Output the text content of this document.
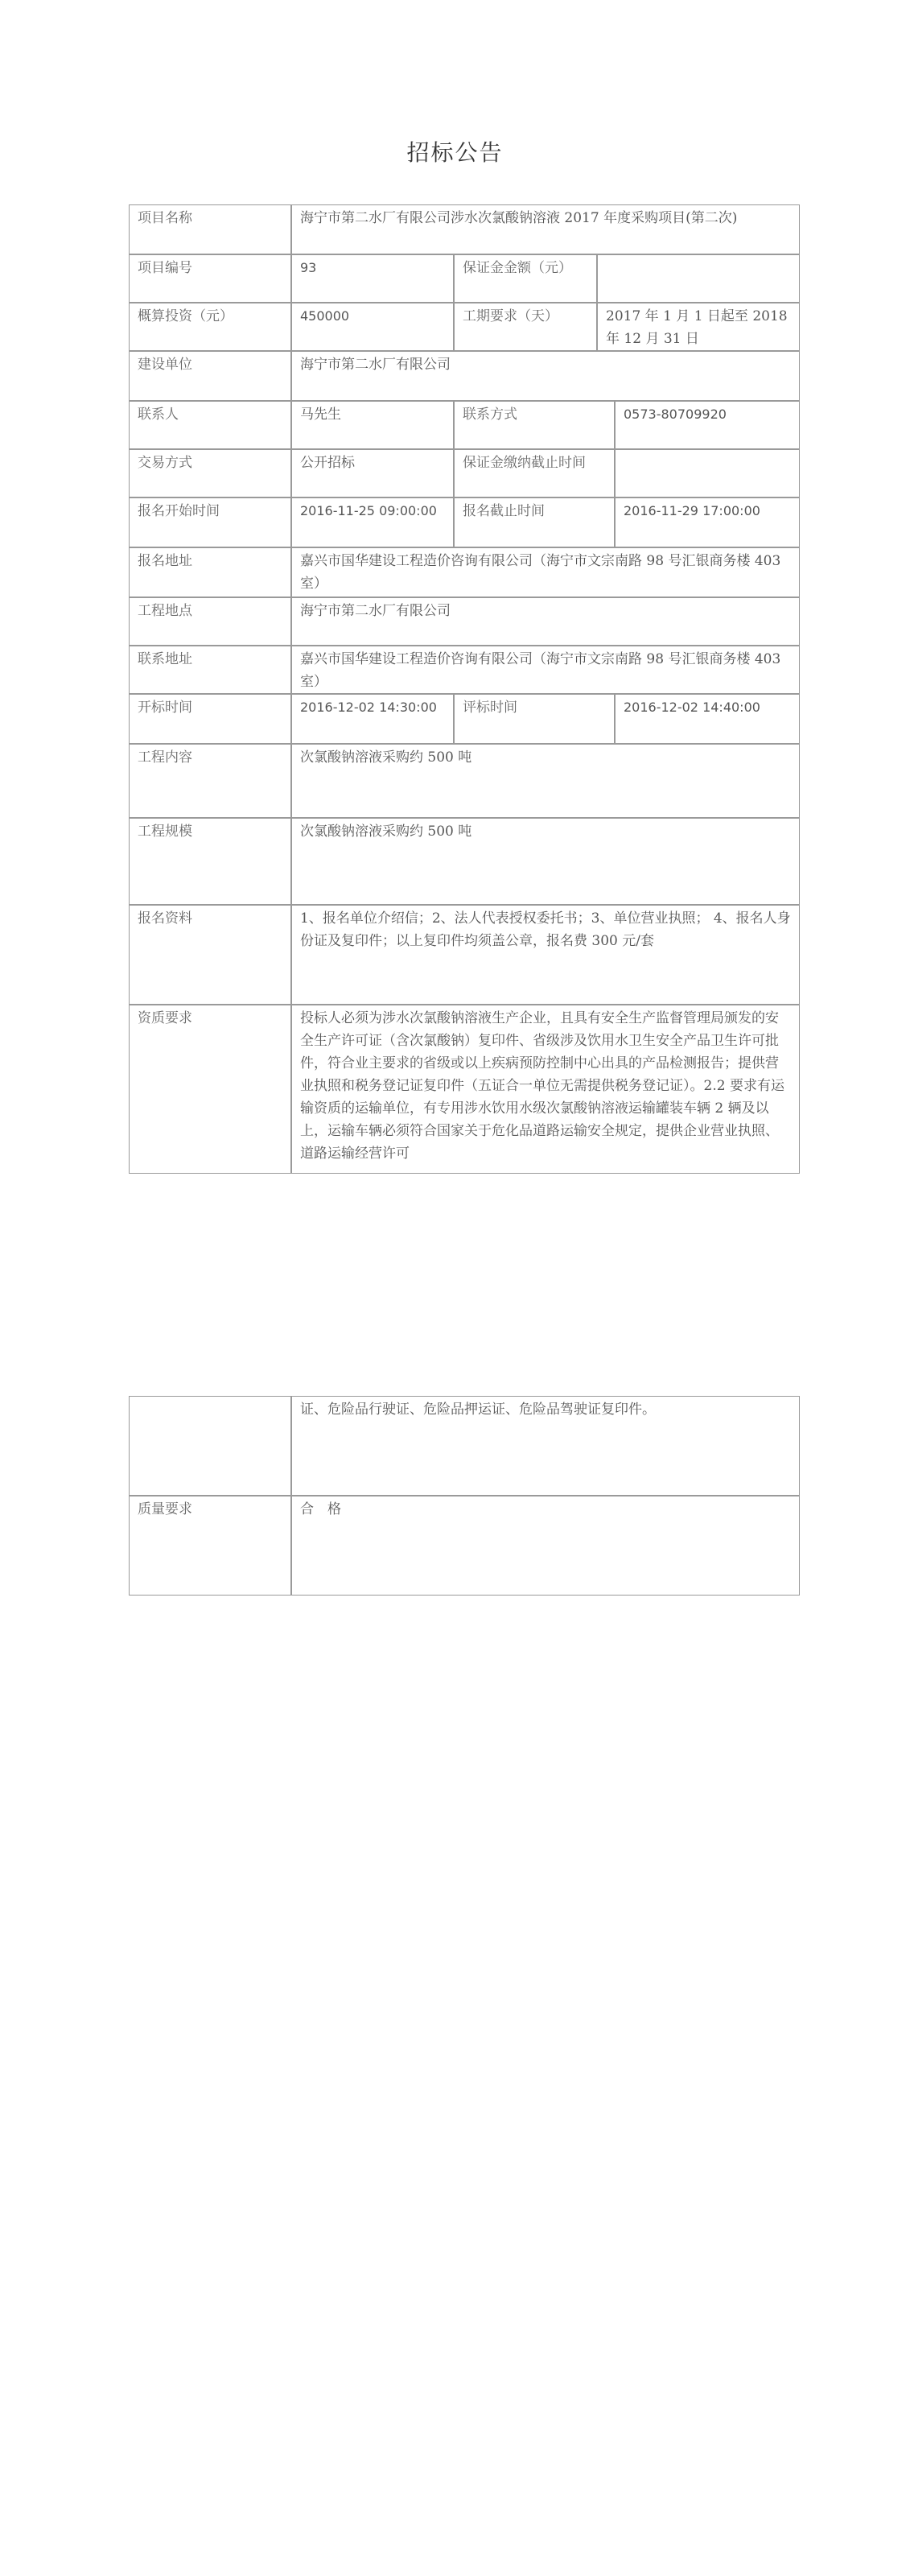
招标公告
项目名称	海宁市第二水厂有限公司涉水次氯酸钠溶液 2017 年度采购项目(第二次)
项目编号	93	保证金金额（元）
概算投资（元）	450000	工期要求（天）	2017 年 1 月 1 日起至 2018 年 12 月 31 日
建设单位	海宁市第二水厂有限公司
联系人	马先生	联系方式	0573-80709920
交易方式	公开招标	保证金缴纳截止时间
报名开始时间	2016-11-25 09:00:00	报名截止时间	2016-11-29 17:00:00
报名地址	嘉兴市国华建设工程造价咨询有限公司（海宁市文宗南路 98 号汇银商务楼 403 室）
工程地点	海宁市第二水厂有限公司
联系地址	嘉兴市国华建设工程造价咨询有限公司（海宁市文宗南路 98 号汇银商务楼 403 室）
开标时间	2016-12-02 14:30:00	评标时间	2016-12-02 14:40:00
工程内容	次氯酸钠溶液采购约 500 吨
工程规模	次氯酸钠溶液采购约 500 吨
报名资料	1、报名单位介绍信；2、法人代表授权委托书；3、单位营业执照； 4、报名人身份证及复印件；以上复印件均须盖公章，报名费 300 元/套
资质要求	投标人必须为涉水次氯酸钠溶液生产企业，且具有安全生产监督管理局颁发的安全生产许可证（含次氯酸钠）复印件、省级涉及饮用水卫生安全产品卫生许可批件，符合业主要求的省级或以上疾病预防控制中心出具的产品检测报告；提供营业执照和税务登记证复印件（五证合一单位无需提供税务登记证）。2.2 要求有运输资质的运输单位，有专用涉水饮用水级次氯酸钠溶液运输罐装车辆 2 辆及以上，运输车辆必须符合国家关于危化品道路运输安全规定，提供企业营业执照、道路运输经营许可
证、危险品行驶证、危险品押运证、危险品驾驶证复印件。
质量要求	合　格
